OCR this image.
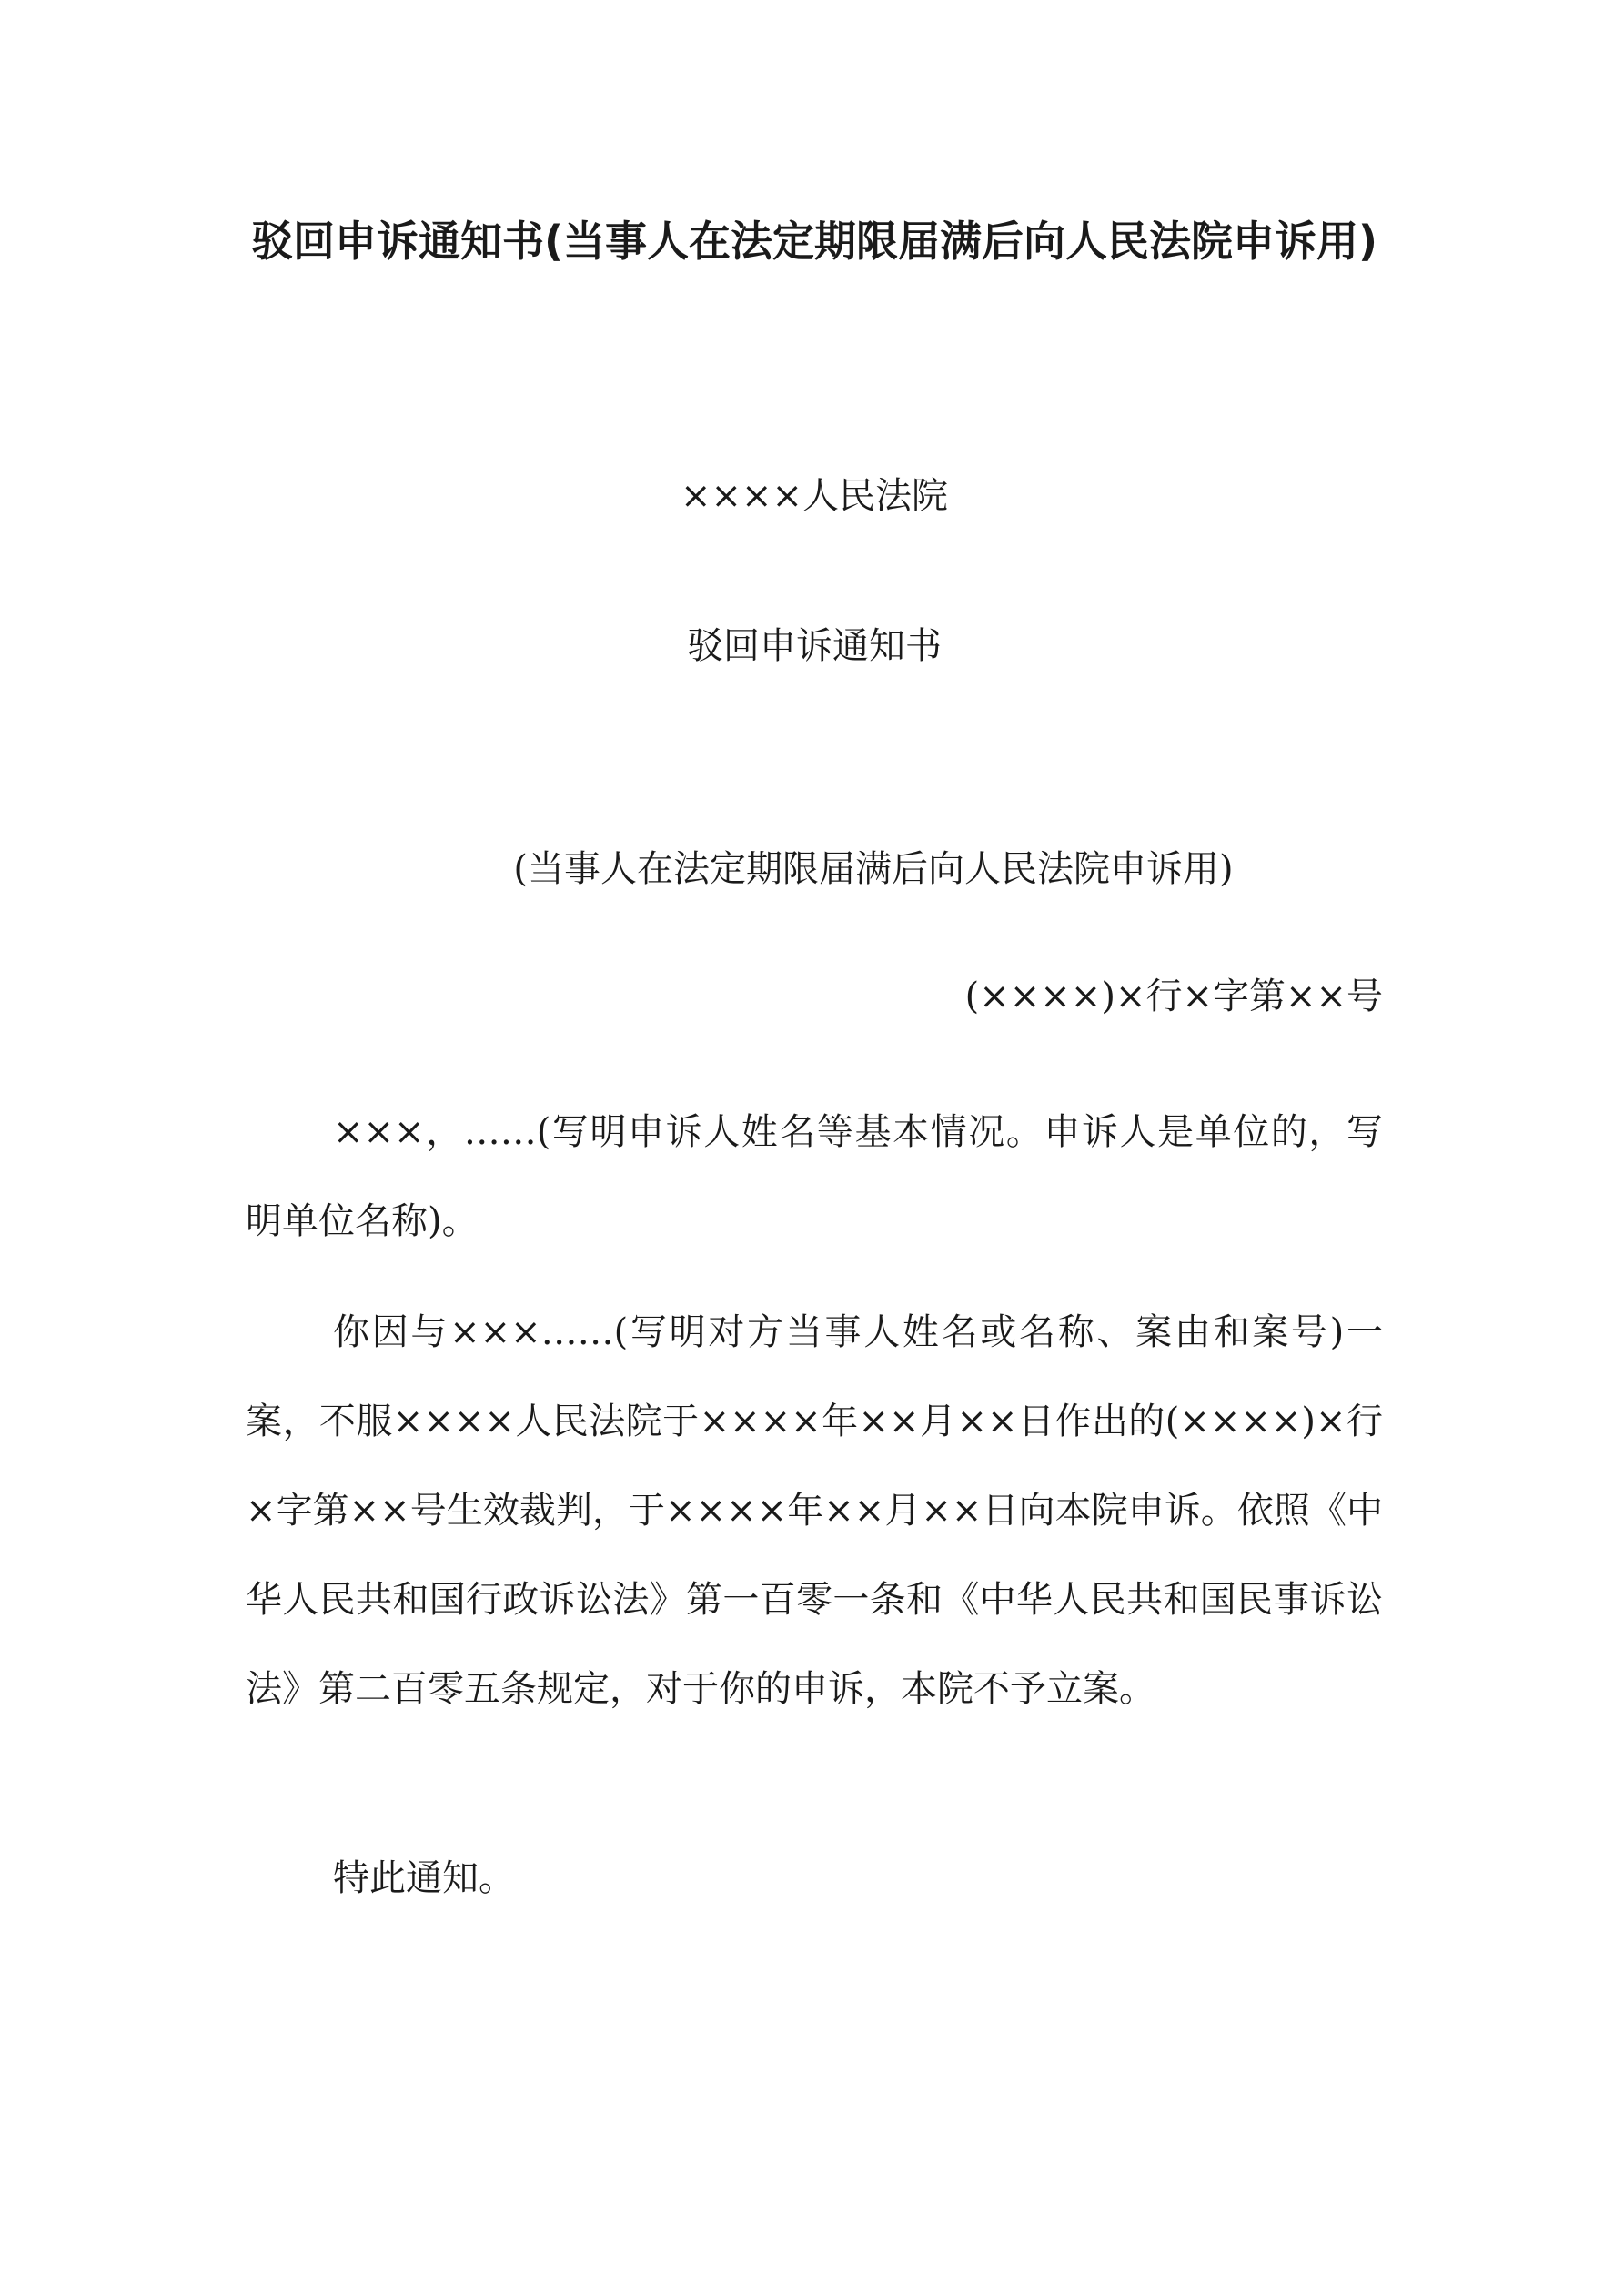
驳回申诉通知书(当事人在法定期限届满后向人民法院申诉用)

××××人民法院

驳回申诉通知书

(当事人在法定期限届满后向人民法院申诉用)

(××××)×行×字第××号

×××，……(写明申诉人姓名等基本情况。申诉人是单位的，写明单位名称)。

你因与×××……(写明对方当事人姓名或名称、案由和案号)一案，不服××××人民法院于××××年××月××日作出的(××××)×行×字第××号生效裁判，于××××年××月××日向本院申诉。依照《中华人民共和国行政诉讼法》第一百零一条和《中华人民共和国民事诉讼法》第二百零五条规定，对于你的申诉，本院不予立案。

特此通知。
